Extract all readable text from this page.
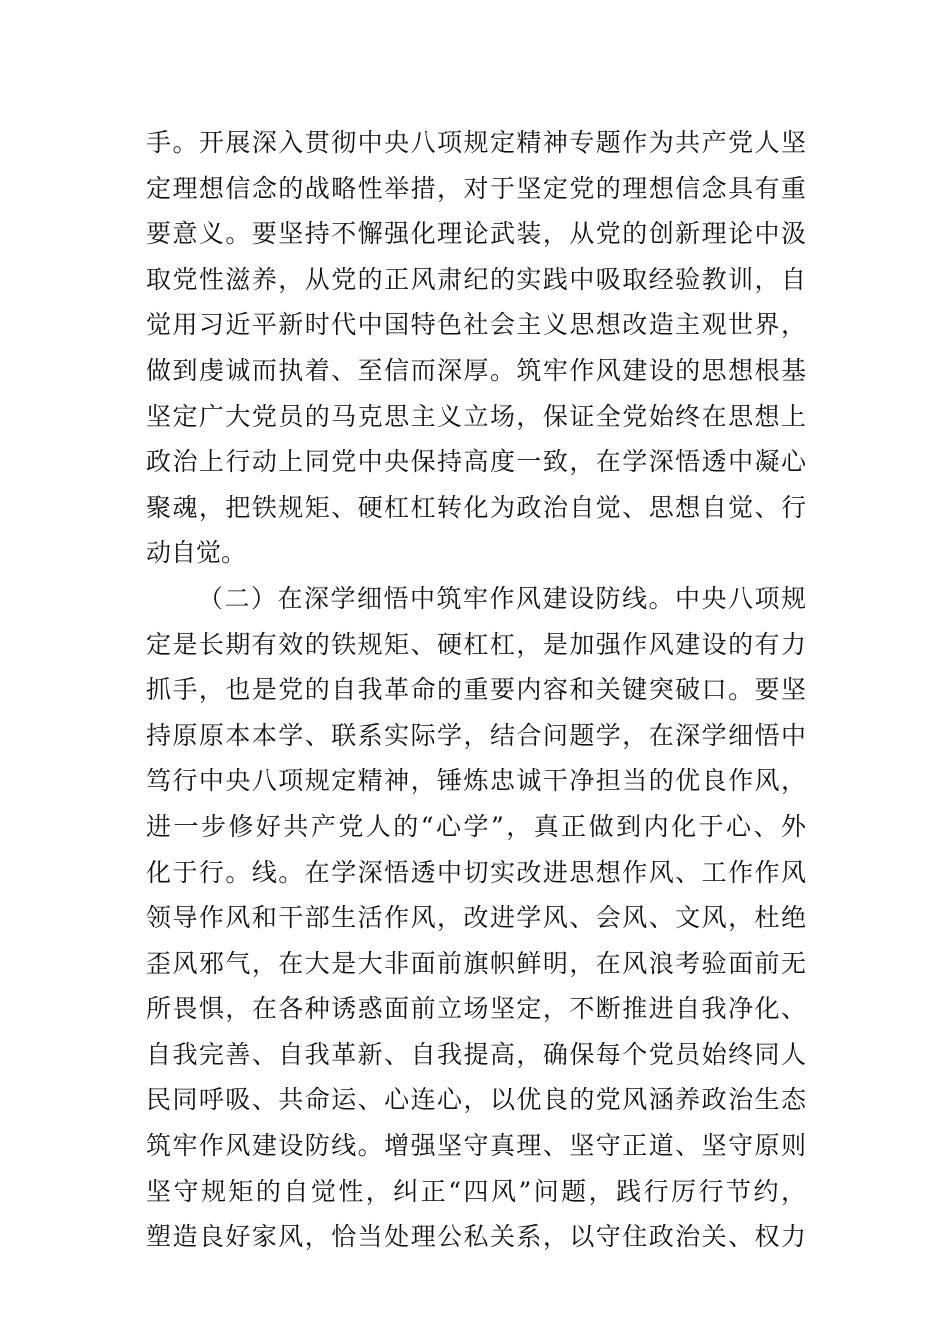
手。开展深入贯彻中央八项规定精神专题作为共产党人坚
定理想信念的战略性举措，对于坚定党的理想信念具有重
要意义。要坚持不懈强化理论武装，从党的创新理论中汲
取党性滋养，从党的正风肃纪的实践中吸取经验教训，自
觉用习近平新时代中国特色社会主义思想改造主观世界，
做到虔诚而执着、至信而深厚。筑牢作风建设的思想根基
坚定广大党员的马克思主义立场，保证全党始终在思想上
政治上行动上同党中央保持高度一致，在学深悟透中凝心
聚魂，把铁规矩、硬杠杠转化为政治自觉、思想自觉、行
动自觉。
（二）在深学细悟中筑牢作风建设防线。中央八项规
定是长期有效的铁规矩、硬杠杠，是加强作风建设的有力
抓手，也是党的自我革命的重要内容和关键突破口。要坚
持原原本本学、联系实际学，结合问题学，在深学细悟中
笃行中央八项规定精神，锤炼忠诚干净担当的优良作风，
进一步修好共产党人的“心学”，真正做到内化于心、外
化于行。线。在学深悟透中切实改进思想作风、工作作风
领导作风和干部生活作风，改进学风、会风、文风，杜绝
歪风邪气，在大是大非面前旗帜鲜明，在风浪考验面前无
所畏惧，在各种诱惑面前立场坚定，不断推进自我净化、
自我完善、自我革新、自我提高，确保每个党员始终同人
民同呼吸、共命运、心连心，以优良的党风涵养政治生态
筑牢作风建设防线。增强坚守真理、坚守正道、坚守原则
坚守规矩的自觉性，纠正“四风”问题，践行厉行节约，
塑造良好家风，恰当处理公私关系，以守住政治关、权力
